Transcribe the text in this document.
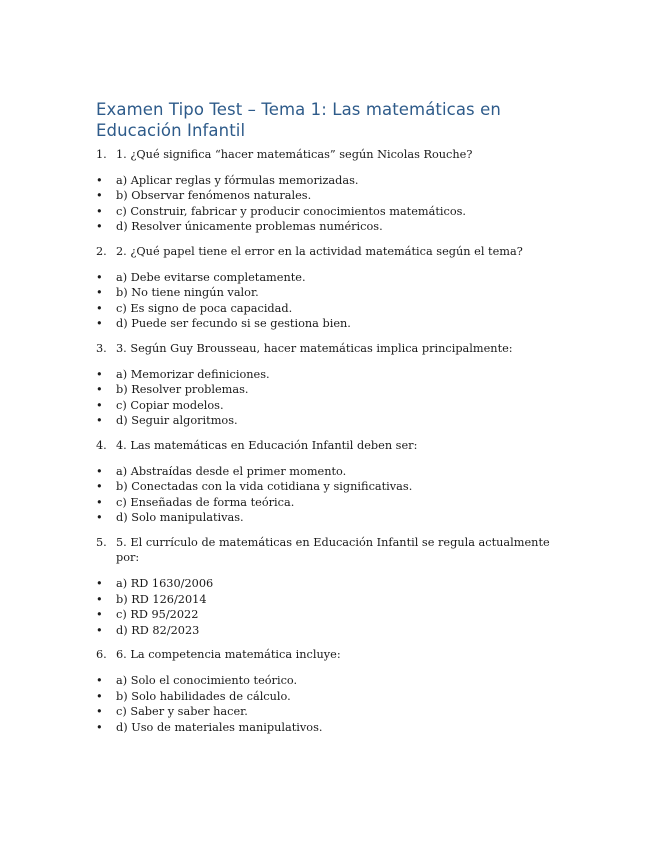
Examen Tipo Test – Tema 1: Las matemáticas en Educación Infantil

1. 1. ¿Qué significa “hacer matemáticas” según Nicolas Rouche?

• a) Aplicar reglas y fórmulas memorizadas.
• b) Observar fenómenos naturales.
• c) Construir, fabricar y producir conocimientos matemáticos.
• d) Resolver únicamente problemas numéricos.

2. 2. ¿Qué papel tiene el error en la actividad matemática según el tema?

• a) Debe evitarse completamente.
• b) No tiene ningún valor.
• c) Es signo de poca capacidad.
• d) Puede ser fecundo si se gestiona bien.

3. 3. Según Guy Brousseau, hacer matemáticas implica principalmente:

• a) Memorizar definiciones.
• b) Resolver problemas.
• c) Copiar modelos.
• d) Seguir algoritmos.

4. 4. Las matemáticas en Educación Infantil deben ser:

• a) Abstraídas desde el primer momento.
• b) Conectadas con la vida cotidiana y significativas.
• c) Enseñadas de forma teórica.
• d) Solo manipulativas.

5. 5. El currículo de matemáticas en Educación Infantil se regula actualmente por:

• a) RD 1630/2006
• b) RD 126/2014
• c) RD 95/2022
• d) RD 82/2023

6. 6. La competencia matemática incluye:

• a) Solo el conocimiento teórico.
• b) Solo habilidades de cálculo.
• c) Saber y saber hacer.
• d) Uso de materiales manipulativos.
